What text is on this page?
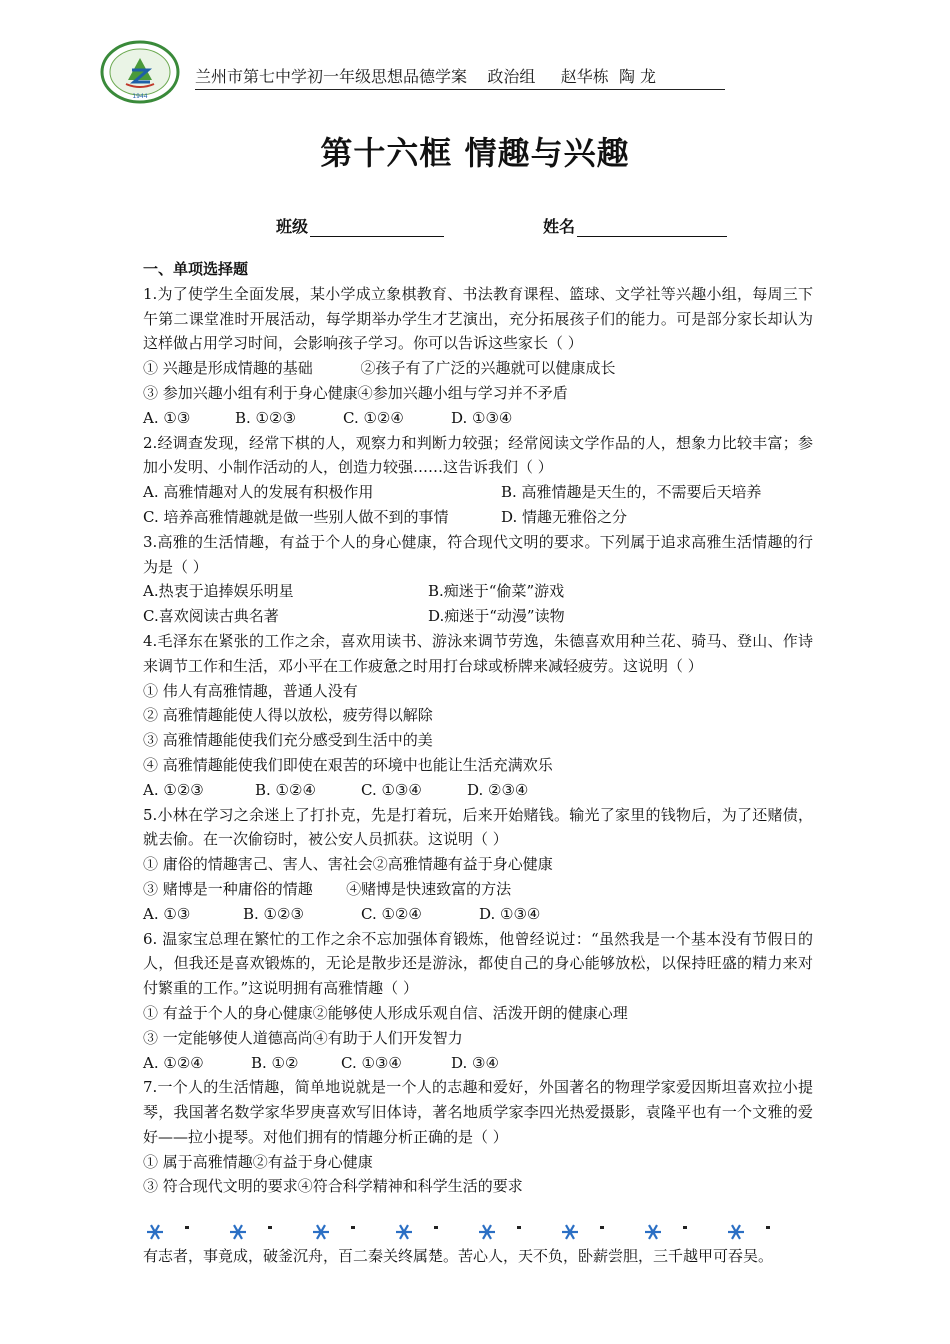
1944
兰州市第七中学初一年级思想品德学案    政治组     赵华栋  陶 龙
第十六框 情趣与兴趣
班级	姓名

一、单项选择题

1.为了使学生全面发展，某小学成立象棋教育、书法教育课程、篮球、文学社等兴趣小组，每周三下午第二课堂准时开展活动，每学期举办学生才艺演出，充分拓展孩子们的能力。可是部分家长却认为这样做占用学习时间，会影响孩子学习。你可以告诉这些家长（ ）

① 兴趣是形成情趣的基础          ②孩子有了广泛的兴趣就可以健康成长

③ 参加兴趣小组有利于身心健康④参加兴趣小组与学习并不矛盾

A. ①③	B. ①②③	C. ①②④	D. ①③④

2.经调查发现，经常下棋的人，观察力和判断力较强；经常阅读文学作品的人，想象力比较丰富；参加小发明、小制作活动的人，创造力较强……这告诉我们（ ）

A. 高雅情趣对人的发展有积极作用	B. 高雅情趣是天生的，不需要后天培养
C. 培养高雅情趣就是做一些别人做不到的事情	D. 情趣无雅俗之分

3.高雅的生活情趣，有益于个人的身心健康，符合现代文明的要求。下列属于追求高雅生活情趣的行为是（ ）

A.热衷于追捧娱乐明星	B.痴迷于“偷菜”游戏
C.喜欢阅读古典名著	D.痴迷于“动漫”读物

4.毛泽东在紧张的工作之余，喜欢用读书、游泳来调节劳逸，朱德喜欢用种兰花、骑马、登山、作诗来调节工作和生活，邓小平在工作疲惫之时用打台球或桥牌来减轻疲劳。这说明（ ）

① 伟人有高雅情趣，普通人没有

② 高雅情趣能使人得以放松，疲劳得以解除

③ 高雅情趣能使我们充分感受到生活中的美

④ 高雅情趣能使我们即使在艰苦的环境中也能让生活充满欢乐

A. ①②③	B. ①②④	C. ①③④	D. ②③④

5.小林在学习之余迷上了打扑克，先是打着玩，后来开始赌钱。输光了家里的钱物后，为了还赌债，就去偷。在一次偷窃时，被公安人员抓获。这说明（ ）

① 庸俗的情趣害己、害人、害社会②高雅情趣有益于身心健康

③ 赌博是一种庸俗的情趣       ④赌博是快速致富的方法

A. ①③	B. ①②③	C. ①②④	D. ①③④

6. 温家宝总理在繁忙的工作之余不忘加强体育锻炼，他曾经说过：“虽然我是一个基本没有节假日的人，但我还是喜欢锻炼的，无论是散步还是游泳，都使自己的身心能够放松，以保持旺盛的精力来对付繁重的工作。”这说明拥有高雅情趣（ ）

① 有益于个人的身心健康②能够使人形成乐观自信、活泼开朗的健康心理

③ 一定能够使人道德高尚④有助于人们开发智力

A. ①②④	B. ①②	C. ①③④	D. ③④

7.一个人的生活情趣，简单地说就是一个人的志趣和爱好，外国著名的物理学家爱因斯坦喜欢拉小提琴，我国著名数学家华罗庚喜欢写旧体诗，著名地质学家李四光热爱摄影，袁隆平也有一个文雅的爱好——拉小提琴。对他们拥有的情趣分析正确的是（ ）

① 属于高雅情趣②有益于身心健康

③ 符合现代文明的要求④符合科学精神和科学生活的要求

有志者，事竟成，破釜沉舟，百二秦关终属楚。苦心人，天不负，卧薪尝胆，三千越甲可吞吴。
